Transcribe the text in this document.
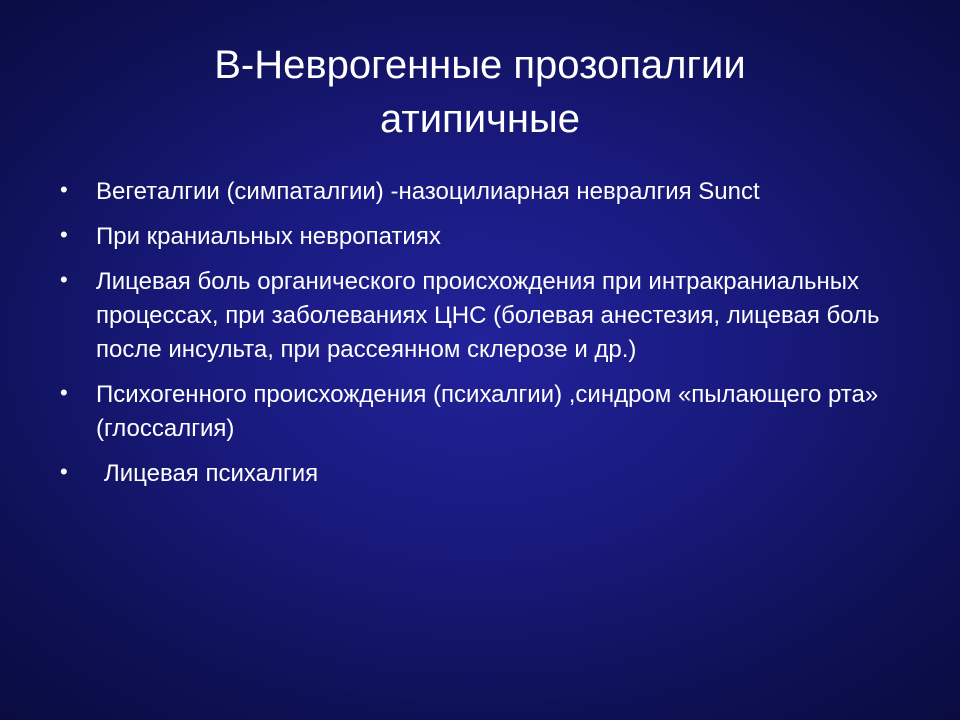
B-Неврогенные прозопалгии
атипичные
• Вегеталгии (симпаталгии) -назоцилиарная невралгия Sunct
• При краниальных невропатиях
• Лицевая боль органического происхождения при интракраниальных процессах, при заболеваниях ЦНС (болевая анестезия, лицевая боль после инсульта, при рассеянном склерозе и др.)
• Психогенного происхождения (психалгии) ,синдром «пылающего рта» (глоссалгия)
•	Лицевая психалгия
